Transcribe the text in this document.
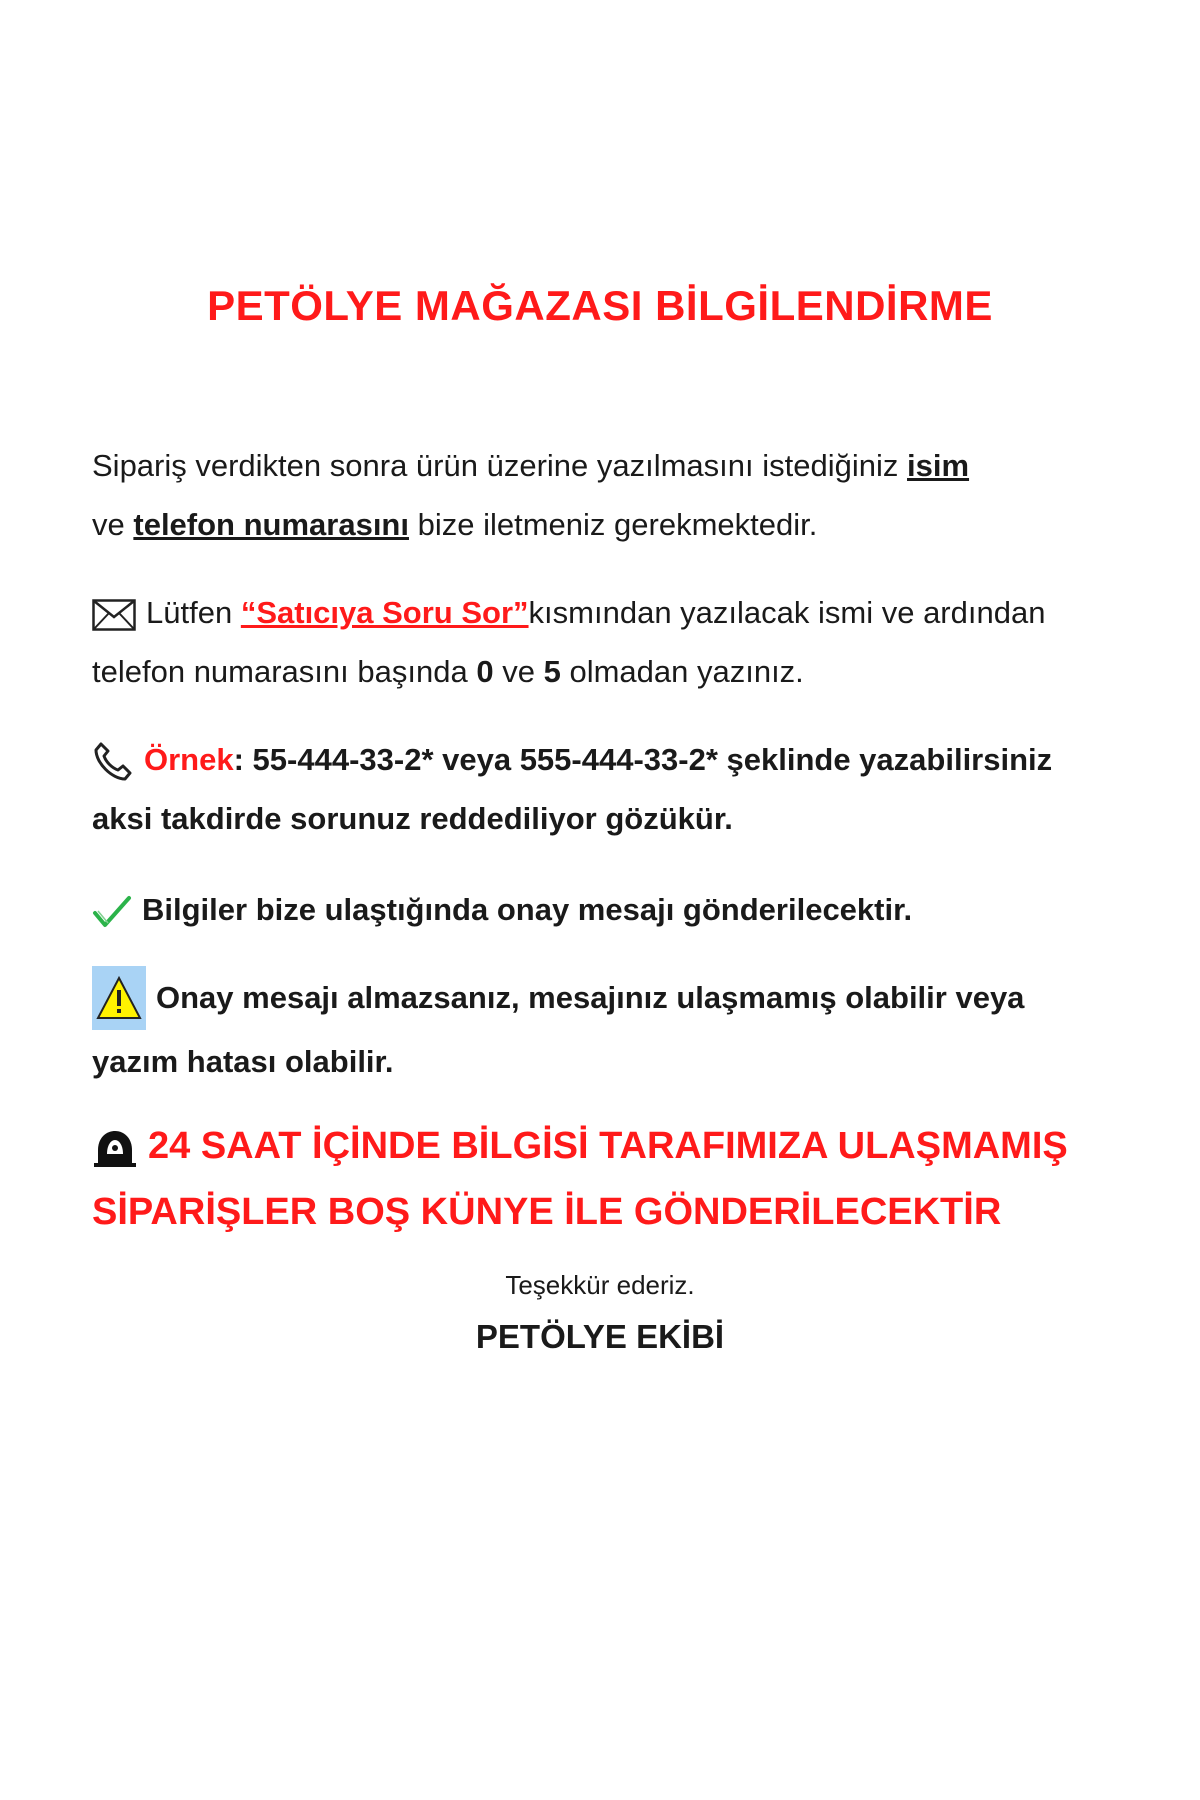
PETÖLYE MAĞAZASI BİLGİLENDİRME
Sipariş verdikten sonra ürün üzerine yazılmasını istediğiniz isim
ve telefon numarasını bize iletmeniz gerekmektedir.
Lütfen “Satıcıya Soru Sor”kısmından yazılacak ismi ve ardından telefon numarasını başında 0 ve 5 olmadan yazınız.
Örnek: 55-444-33-2* veya 555-444-33-2* şeklinde yazabilirsiniz aksi takdirde sorunuz reddediliyor gözükür.
Bilgiler bize ulaştığında onay mesajı gönderilecektir.
Onay mesajı almazsanız, mesajınız ulaşmamış olabilir veya yazım hatası olabilir.
24 SAAT İÇİNDE BİLGİSİ TARAFIMIZA ULAŞMAMIŞ SİPARİŞLER BOŞ KÜNYE İLE GÖNDERİLECEKTİR
Teşekkür ederiz.
PETÖLYE EKİBİ
